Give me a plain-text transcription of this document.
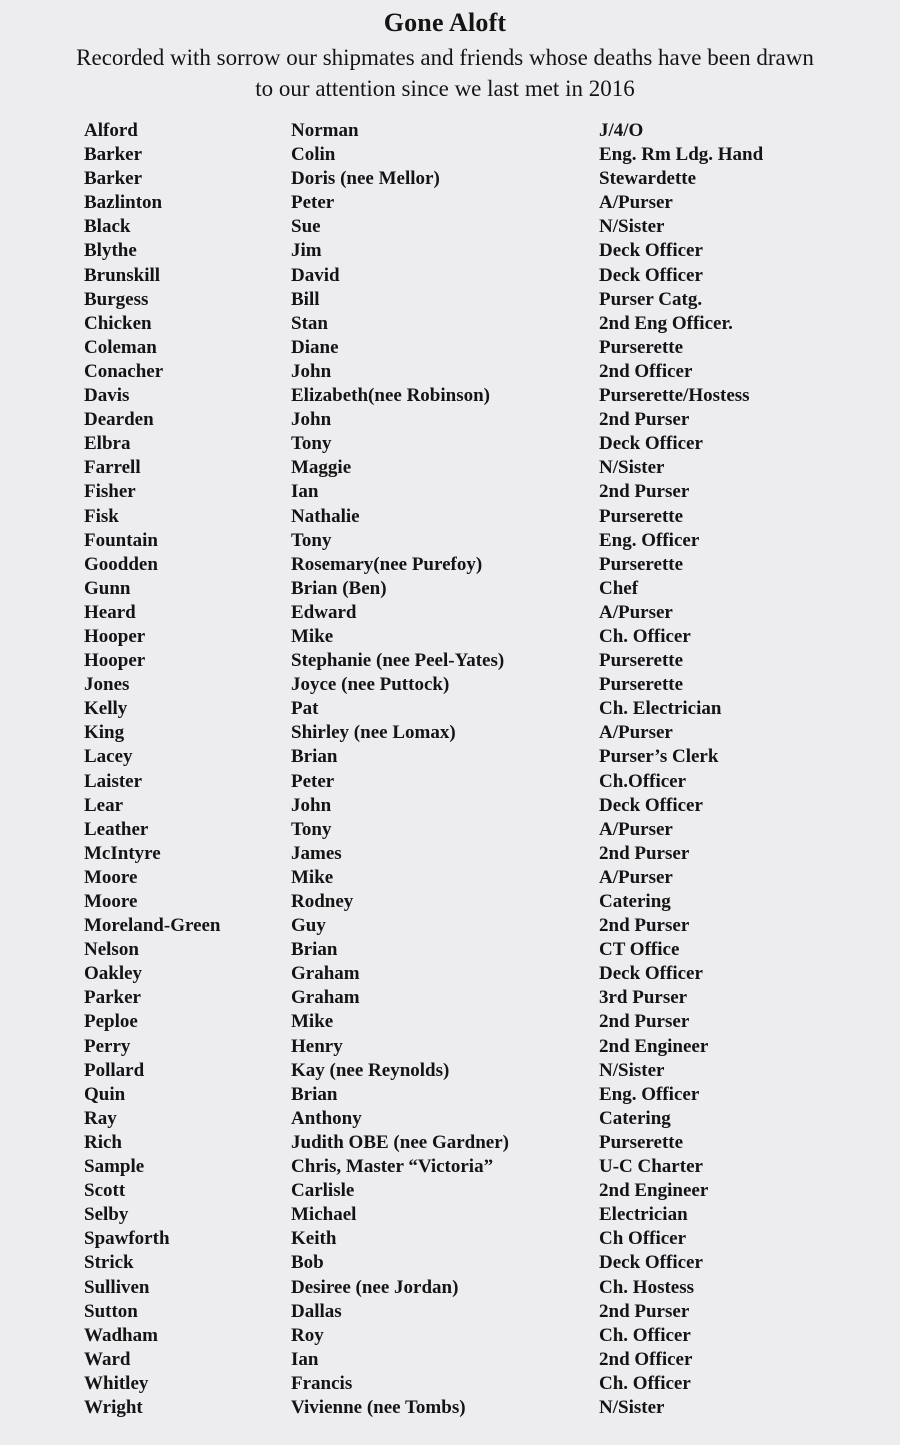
Gone Aloft
Recorded with sorrow our shipmates and friends whose deaths have been drawn
to our attention since we last met in 2016
Alford	Norman	J/4/O
Barker	Colin	Eng. Rm Ldg. Hand
Barker	Doris (nee Mellor)	Stewardette
Bazlinton	Peter	A/Purser
Black	Sue	N/Sister
Blythe	Jim	Deck Officer
Brunskill	David	Deck Officer
Burgess	Bill	Purser Catg.
Chicken	Stan	2nd Eng Officer.
Coleman	Diane	Purserette
Conacher	John	2nd Officer
Davis	Elizabeth(nee Robinson)	Purserette/Hostess
Dearden	John	2nd Purser
Elbra	Tony	Deck Officer
Farrell	Maggie	N/Sister
Fisher	Ian	2nd Purser
Fisk	Nathalie	Purserette
Fountain	Tony	Eng. Officer
Goodden	Rosemary(nee Purefoy)	Purserette
Gunn	Brian (Ben)	Chef
Heard	Edward	A/Purser
Hooper	Mike	Ch. Officer
Hooper	Stephanie (nee Peel-Yates)	Purserette
Jones	Joyce (nee Puttock)	Purserette
Kelly	Pat	Ch. Electrician
King	Shirley (nee Lomax)	A/Purser
Lacey	Brian	Purser’s Clerk
Laister	Peter	Ch.Officer
Lear	John	Deck Officer
Leather	Tony	A/Purser
McIntyre	James	2nd Purser
Moore	Mike	A/Purser
Moore	Rodney	Catering
Moreland-Green	Guy	2nd Purser
Nelson	Brian	CT Office
Oakley	Graham	Deck Officer
Parker	Graham	3rd Purser
Peploe	Mike	2nd Purser
Perry	Henry	2nd Engineer
Pollard	Kay (nee Reynolds)	N/Sister
Quin	Brian	Eng. Officer
Ray	Anthony	Catering
Rich	Judith OBE (nee Gardner)	Purserette
Sample	Chris, Master “Victoria”	U-C Charter
Scott	Carlisle	2nd Engineer
Selby	Michael	Electrician
Spawforth	Keith	Ch Officer
Strick	Bob	Deck Officer
Sulliven	Desiree (nee Jordan)	Ch. Hostess
Sutton	Dallas	2nd Purser
Wadham	Roy	Ch. Officer
Ward	Ian	2nd Officer
Whitley	Francis	Ch. Officer
Wright	Vivienne (nee Tombs)	N/Sister
